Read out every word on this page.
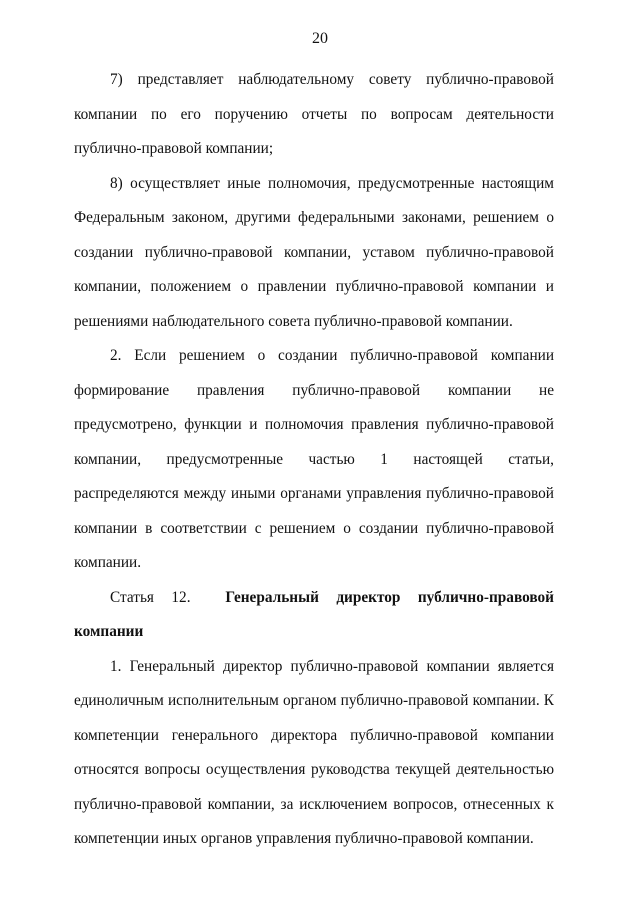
20

7) представляет наблюдательному совету публично-правовой компании по его поручению отчеты по вопросам деятельности публично-правовой компании;

8) осуществляет иные полномочия, предусмотренные настоящим Федеральным законом, другими федеральными законами, решением о создании публично-правовой компании, уставом публично-правовой компании, положением о правлении публично-правовой компании и решениями наблюдательного совета публично-правовой компании.

2. Если решением о создании публично-правовой компании формирование правления публично-правовой компании не предусмотрено, функции и полномочия правления публично-правовой компании, предусмотренные частью 1 настоящей статьи, распределяются между иными органами управления публично-правовой компании в соответствии с решением о создании публично-правовой компании.

Статья 12. Генеральный директор публично-правовой компании

1. Генеральный директор публично-правовой компании является единоличным исполнительным органом публично-правовой компании. К компетенции генерального директора публично-правовой компании относятся вопросы осуществления руководства текущей деятельностью публично-правовой компании, за исключением вопросов, отнесенных к компетенции иных органов управления публично-правовой компании.
